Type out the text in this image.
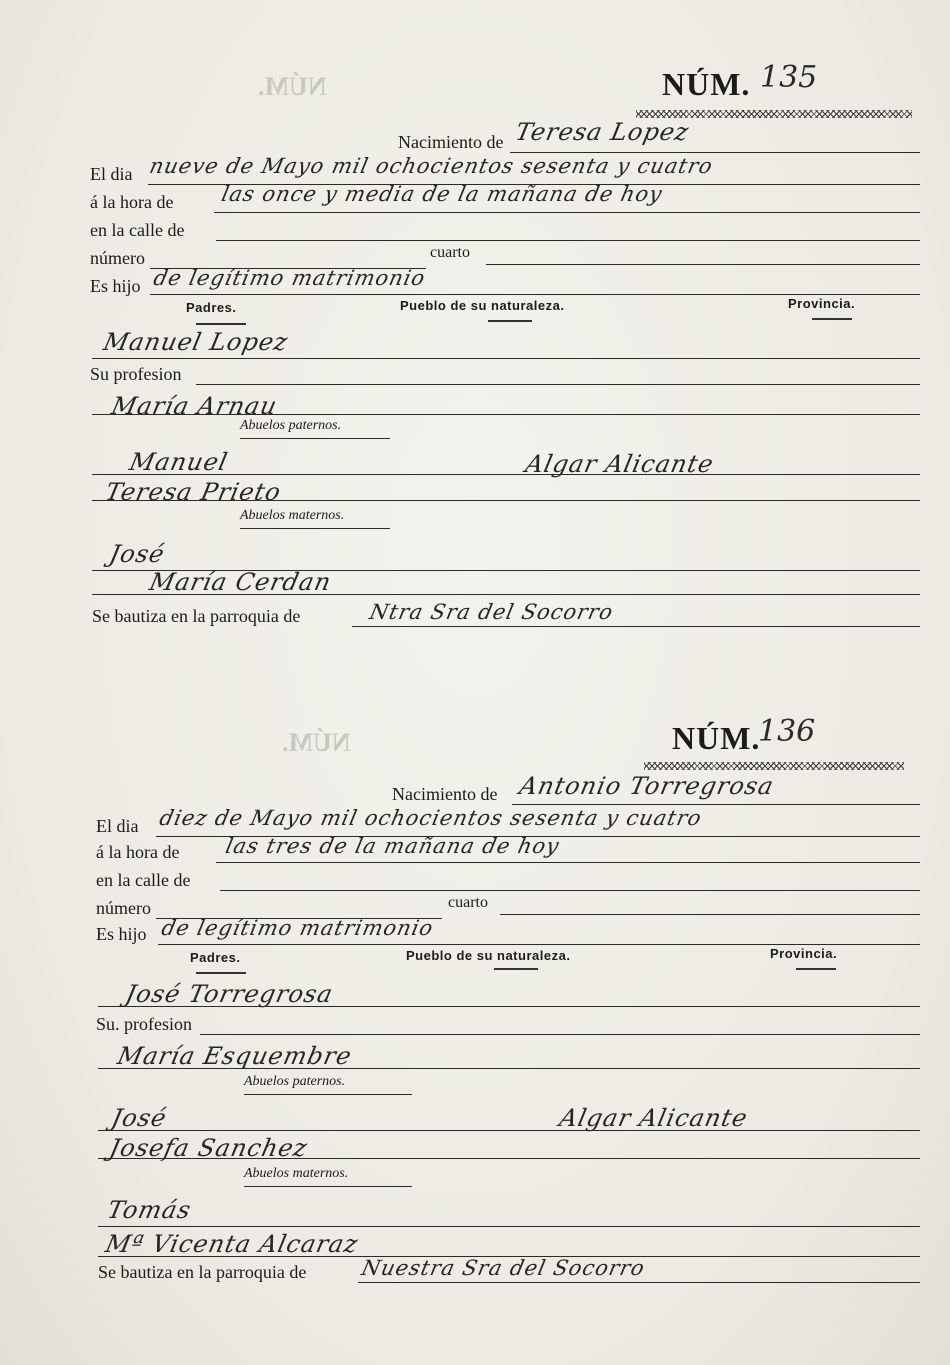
NÚM.
NÚM.
NÚM. 135
Nacimiento de Teresa Lopez
El dia nueve de Mayo mil ochocientos sesenta y cuatro
á la hora de las once y media de la mañana de hoy
en la calle de
número	cuarto
Es hijo de legítimo matrimonio
Padres.	Pueblo de su naturaleza.	Provincia.
Manuel Lopez
Su profesion
María Arnau
Abuelos paternos.
Manuel	Algar Alicante
Teresa Prieto
Abuelos maternos.
José
María Cerdan
Se bautiza en la parroquia de	Ntra Sra del Socorro
NÚM.
136
Nacimiento de Antonio Torregrosa
El dia diez de Mayo mil ochocientos sesenta y cuatro
á la hora de las tres de la mañana de hoy
en la calle de
número	cuarto
Es hijo de legítimo matrimonio
Padres.	Pueblo de su naturaleza.	Provincia.
José Torregrosa
Su. profesion
María Esquembre
Abuelos paternos.
José	Algar Alicante
Josefa Sanchez
Abuelos maternos.
Tomás
Mª Vicenta Alcaraz
Se bautiza en la parroquia de	Nuestra Sra del Socorro
